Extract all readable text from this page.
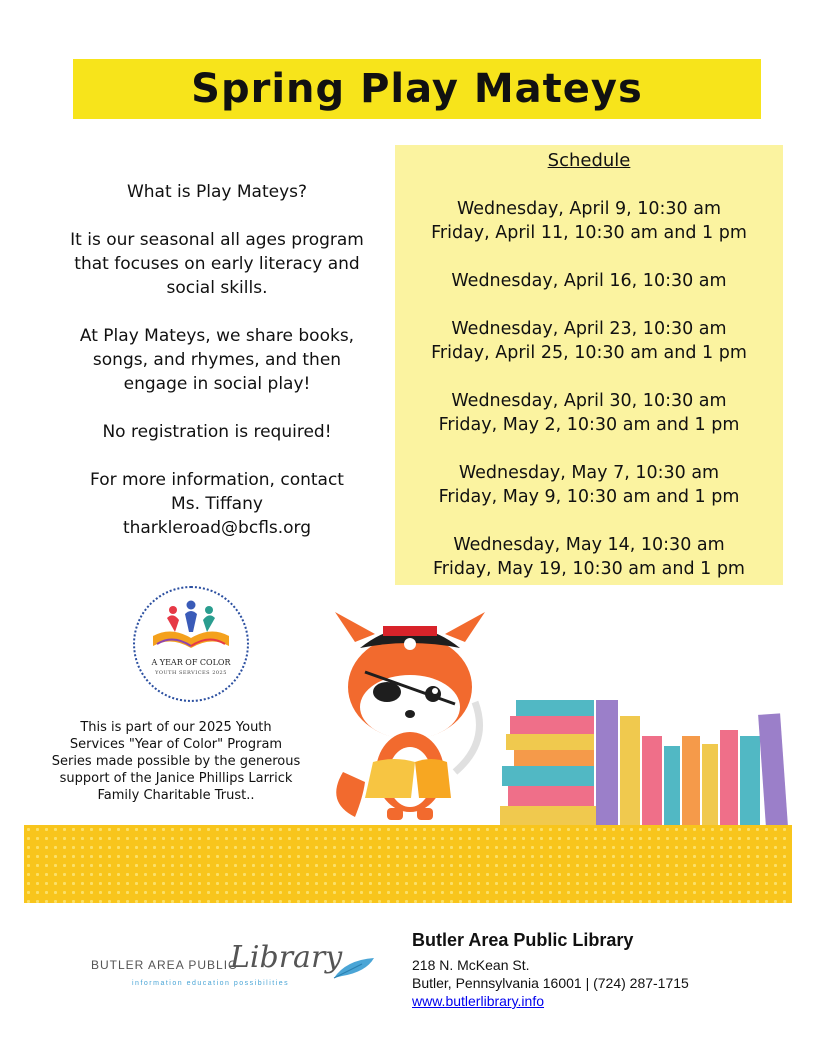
Spring Play Mateys

What is Play Mateys?

It is our seasonal all ages program
that focuses on early literacy and
social skills.

At Play Mateys, we share books,
songs, and rhymes, and then
engage in social play!

No registration is required!

For more information, contact
Ms. Tiffany
tharkleroad@bcfls.org

Schedule
Wednesday, April 9, 10:30 am
Friday, April 11, 10:30 am and 1 pm
Wednesday, April 16, 10:30 am
Wednesday, April 23, 10:30 am
Friday, April 25, 10:30 am and 1 pm
Wednesday, April 30, 10:30 am
Friday, May 2, 10:30 am and 1 pm
Wednesday, May 7, 10:30 am
Friday, May 9, 10:30 am and 1 pm
Wednesday, May 14, 10:30 am
Friday, May 19, 10:30 am and 1 pm
A YEAR OF COLOR
YOUTH SERVICES 2025
This is part of our 2025 Youth
Services "Year of Color" Program
Series made possible by the generous
support of the Janice Phillips Larrick
Family Charitable Trust..
BUTLER AREA PUBLIC
Library
information education possibilities
Butler Area Public Library
218 N. McKean St.
Butler, Pennsylvania 16001 | (724) 287-1715
www.butlerlibrary.info
